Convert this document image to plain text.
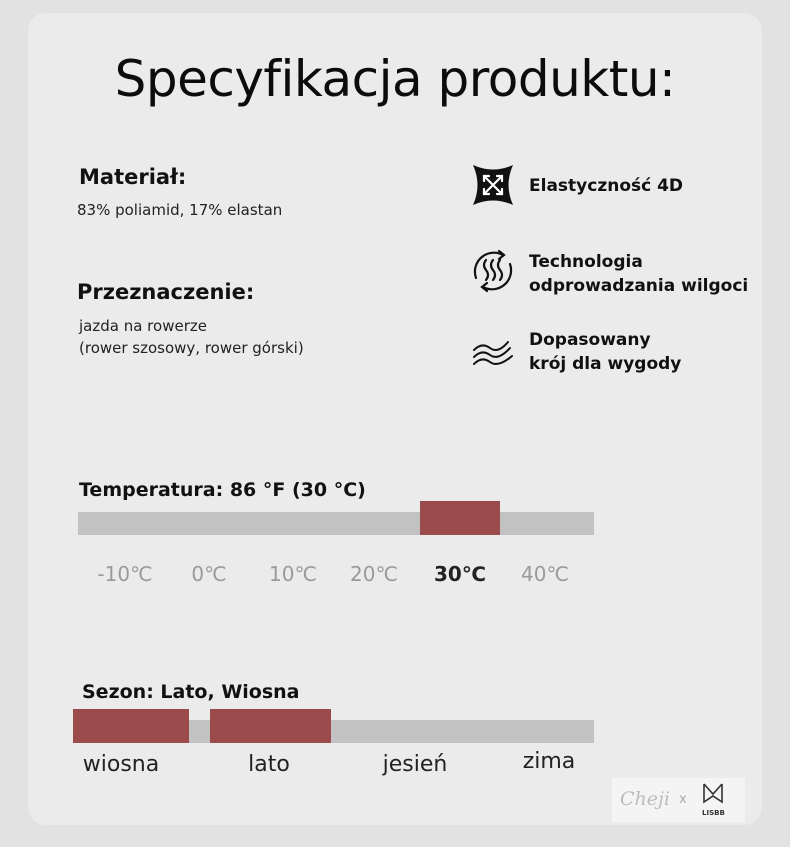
Specyfikacja produktu:
Materiał:
83% poliamid, 17% elastan
Przeznaczenie:
jazda na rowerze
(rower szosowy, rower górski)
Elastyczność 4D
Technologia
odprowadzania wilgoci
Dopasowany
krój dla wygody
Temperatura: 86 °F (30 °C)
-10℃	0℃	10℃	20℃	30℃	40℃
Sezon: Lato, Wiosna
wiosna	lato	jesień	zima
Cheji x
LISBB
